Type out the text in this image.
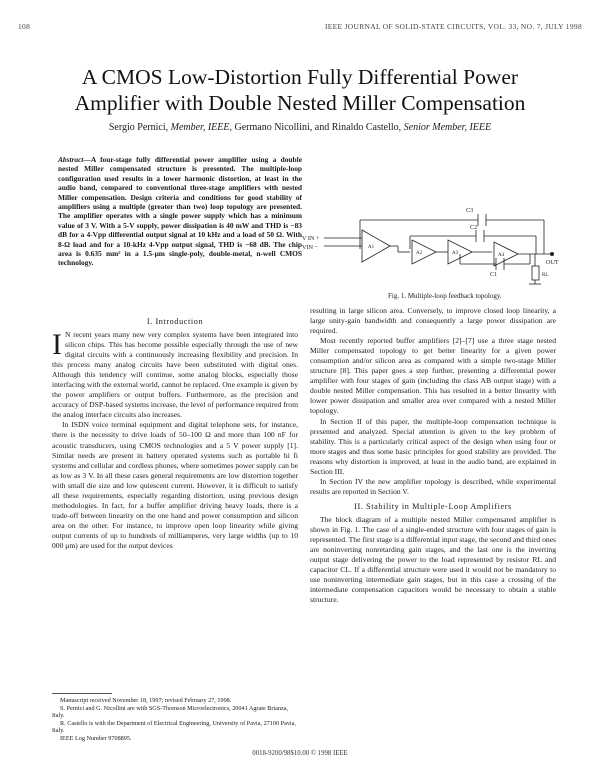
108	IEEE JOURNAL OF SOLID-STATE CIRCUITS, VOL. 33, NO. 7, JULY 1998
A CMOS Low-Distortion Fully Differential Power
Amplifier with Double Nested Miller Compensation
Sergio Pernici, Member, IEEE, Germano Nicollini, and Rinaldo Castello, Senior Member, IEEE
Abstract—A four-stage fully differential power amplifier using a double nested Miller compensated structure is presented. The multiple-loop configuration used results in a lower harmonic distortion, at least in the audio band, compared to conventional three-stage amplifiers with nested Miller compensation. Design criteria and conditions for good stability of amplifiers using a multiple (greater than two) loop topology are presented. The amplifier operates with a single power supply which has a minimum value of 3 V. With a 5-V supply, power dissipation is 40 mW and THD is −83 dB for a 4-Vpp differential output signal at 10 kHz and a load of 50 Ω. With 8-Ω load and for a 10-kHz 4-Vpp output signal, THD is −68 dB. The chip area is 0.635 mm² in a 1.5-μm single-poly, double-metal, n-well CMOS technology.
C3
C2
C1
V IN +
VIN −	A1
A2	A3	A4
RL
OUT
Fig. 1. Multiple-loop feedback topology.
I. Introduction

I N recent years many new very complex systems have been integrated into silicon chips. This has become possible especially through the use of new digital circuits with a continuously increasing flexibility and precision. In this process many analog circuits have been substituted with digital ones. Although this tendency will continue, some analog blocks, especially those interfacing with the external world, cannot be replaced. One example is given by the power amplifiers or output buffers. Furthermore, as the precision and accuracy of DSP-based systems increase, the level of performance required from the analog interface circuits also increases.

In ISDN voice terminal equipment and digital telephone sets, for instance, there is the necessity to drive loads of 50–100 Ω and more than 100 nF for acoustic transducers, using CMOS technologies and a 5 V power supply [1]. Similar needs are present in battery operated systems such as portable hi fi systems and cellular and cordless phones, where sometimes power supply can be as low as 3 V. In all these cases general requirements are low distortion together with small die size and low quiescent current. However, it is difficult to satisfy all these requirements, especially regarding distortion, using previous design methodologies. In fact, for a buffer amplifier driving heavy loads, there is a trade-off between linearity on the one hand and power consumption and silicon area on the other. For instance, to improve open loop linearity while giving output currents of up to hundreds of milliamperes, very large widths (up to 10 000 μm) are used for the output devices

Manuscript received November 18, 1997; revised February 27, 1998.

S. Pernici and G. Nicollini are with SGS-Thomson Microelectronics, 20041 Agrate Brianza, Italy.

R. Castello is with the Department of Electrical Engineering, University of Pavia, 27100 Pavia, Italy.

IEEE Log Number 9708895.

resulting in large silicon area. Conversely, to improve closed loop linearity, a large unity-gain bandwidth and consequently a large power dissipation are required.

Most recently reported buffer amplifiers [2]–[7] use a three stage nested Miller compensated topology to get better linearity for a given power consumption and/or silicon area as compared with a simple two-stage Miller structure [8]. This paper goes a step further, presenting a differential power amplifier with four stages of gain (including the class AB output stage) with a double nested Miller compensation. This has resulted in a better linearity with lower power dissipation and smaller area over compared with a nested Miller topology.

In Section II of this paper, the multiple-loop compensation technique is presented and analyzed. Special attention is given to the key problem of stability. This is a particularly critical aspect of the design when using four or more stages and thus some basic principles for good stability are provided. The reasons why distortion is improved, at least in the audio band, are explained in Section III.

In Section IV the new amplifier topology is described, while experimental results are reported in Section V.

II. Stability in Multiple-Loop Amplifiers

The block diagram of a multiple nested Miller compensated amplifier is shown in Fig. 1. The case of a single-ended structure with four stages of gain is represented. The first stage is a differential input stage, the second and third ones are noninverting nonretarding gain stages, and the last one is the inverting output stage delivering the power to the load represented by resistor RL and capacitor CL. If a differential structure were used it would not be mandatory to use noninverting intermediate gain stages, but in this case a crossing of the intermediate compensation capacitors would be necessary to obtain a stable structure.

0018-9200/98$10.00 © 1998 IEEE
